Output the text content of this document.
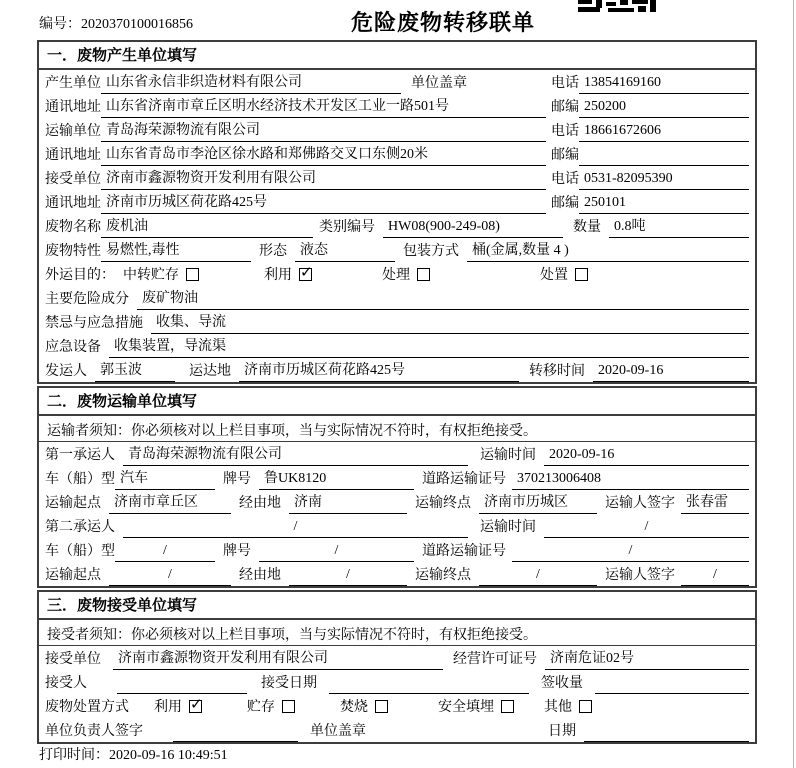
编号：2020370100016856	危险废物转移联单
一．废物产生单位填写
产生单位 山东省永信非织造材料有限公司	单位盖章	电话 13854169160
通讯地址 山东省济南市章丘区明水经济技术开发区工业一路501号	邮编 250200
运输单位 青岛海荣源物流有限公司	电话 18661672606
通讯地址 山东省青岛市李沧区徐水路和郑佛路交叉口东侧20米	邮编
接受单位 济南市鑫源物资开发利用有限公司	电话 0531-82095390
通讯地址 济南市历城区荷花路425号	邮编 250101
废物名称 废机油	类别编号 HW08(900-249-08)	数量 0.8吨
废物特性 易燃性,毒性	形态 液态	包装方式 桶(金属,数量 4 )
外运目的： 中转贮存	利用 ✓	处理	处置
主要危险成分 废矿物油
禁忌与应急措施 收集、导流
应急设备 收集装置，导流渠
发运人 郭玉波	运达地 济南市历城区荷花路425号	转移时间 2020-09-16
二．废物运输单位填写
运输者须知：你必须核对以上栏目事项，当与实际情况不符时，有权拒绝接受。
第一承运人 青岛海荣源物流有限公司	运输时间 2020-09-16
车（船）型 汽车	牌号 鲁UK8120	道路运输证号 370213006408
运输起点 济南市章丘区	经由地 济南	运输终点 济南市历城区	运输人签字 张春雷
第二承运人	/	运输时间	/
车（船）型	/	牌号	/	道路运输证号	/
运输起点	/	经由地	/	运输终点	/	运输人签字	/
三．废物接受单位填写
接受者须知：你必须核对以上栏目事项，当与实际情况不符时，有权拒绝接受。
接受单位	济南市鑫源物资开发利用有限公司	经营许可证号 济南危证02号
接受人	接受日期	签收量
废物处置方式 利用 ✓	贮存	焚烧	安全填埋	其他
单位负责人签字	单位盖章	日期
打印时间：2020-09-16 10:49:51
